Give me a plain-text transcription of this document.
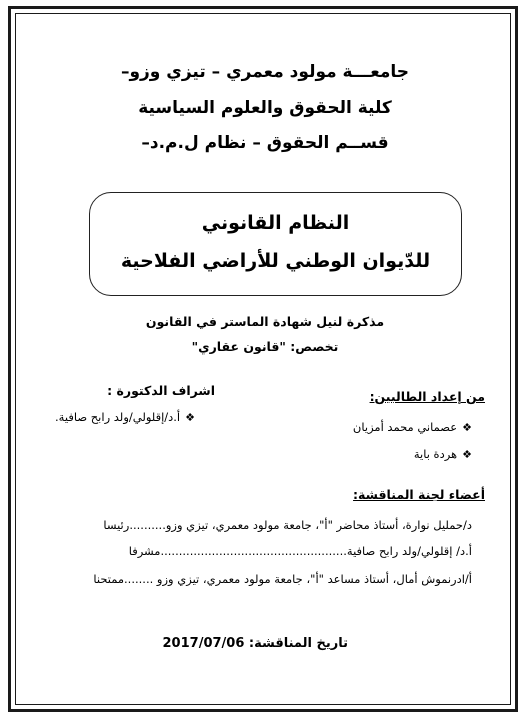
جامعـــة مولود معمري – تيزي وزو–
كلية الحقوق والعلوم السياسية
قســم الحقوق – نظام ل.م.د–
النظام القانوني
للدّيوان الوطني للأراضي الفلاحية
مذكرة لنيل شهادة الماستر في القانون
تخصص: "قانون عقاري"
اشراف الدكتورة :
❖أ.د/إقلولي/ولد رابح صافية.
من إعداد الطالبين:
❖عصماني محمد أمزيان
❖هردة باية
أعضاء لجنة المناقشة:
د/حمليل نوارة، أستاذ محاضر "أ"، جامعة مولود معمري، تيزي وزو..........رئيسا
أ.د/ إقلولي/ولد رابح صافية...................................................مشرفا
أ/ادرنموش أمال، أستاذ مساعد "أ"، جامعة مولود معمري، تيزي وزو ........ممتحنا
تاريخ المناقشة: 2017/07/06
